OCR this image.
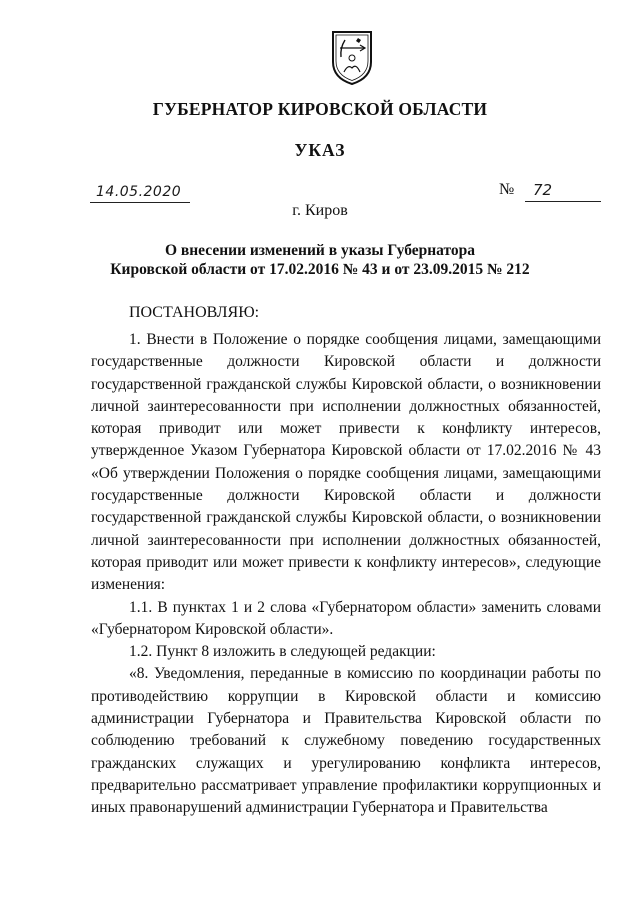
ГУБЕРНАТОР КИРОВСКОЙ ОБЛАСТИ
УКАЗ
14.05.2020	№ 72
г. Киров
О внесении изменений в указы Губернатора
Кировской области от 17.02.2016 № 43 и от 23.09.2015 № 212
ПОСТАНОВЛЯЮ:

1. Внести в Положение о порядке сообщения лицами, замещающими государственные должности Кировской области и должности государственной гражданской службы Кировской области, о возникновении личной заинтересованности при исполнении должностных обязанностей, которая приводит или может привести к конфликту интересов, утвержденное Указом Губернатора Кировской области от 17.02.2016 № 43 «Об утверждении Положения о порядке сообщения лицами, замещающими государственные должности Кировской области и должности государственной гражданской службы Кировской области, о возникновении личной заинтересованности при исполнении должностных обязанностей, которая приводит или может привести к конфликту интересов», следующие изменения:

1.1. В пунктах 1 и 2 слова «Губернатором области» заменить словами «Губернатором Кировской области».

1.2. Пункт 8 изложить в следующей редакции:

«8. Уведомления, переданные в комиссию по координации работы по противодействию коррупции в Кировской области и комиссию администрации Губернатора и Правительства Кировской области по соблюдению требований к служебному поведению государственных гражданских служащих и урегулированию конфликта интересов, предварительно рассматривает управление профилактики коррупционных и иных правонарушений администрации Губернатора и Правительства
